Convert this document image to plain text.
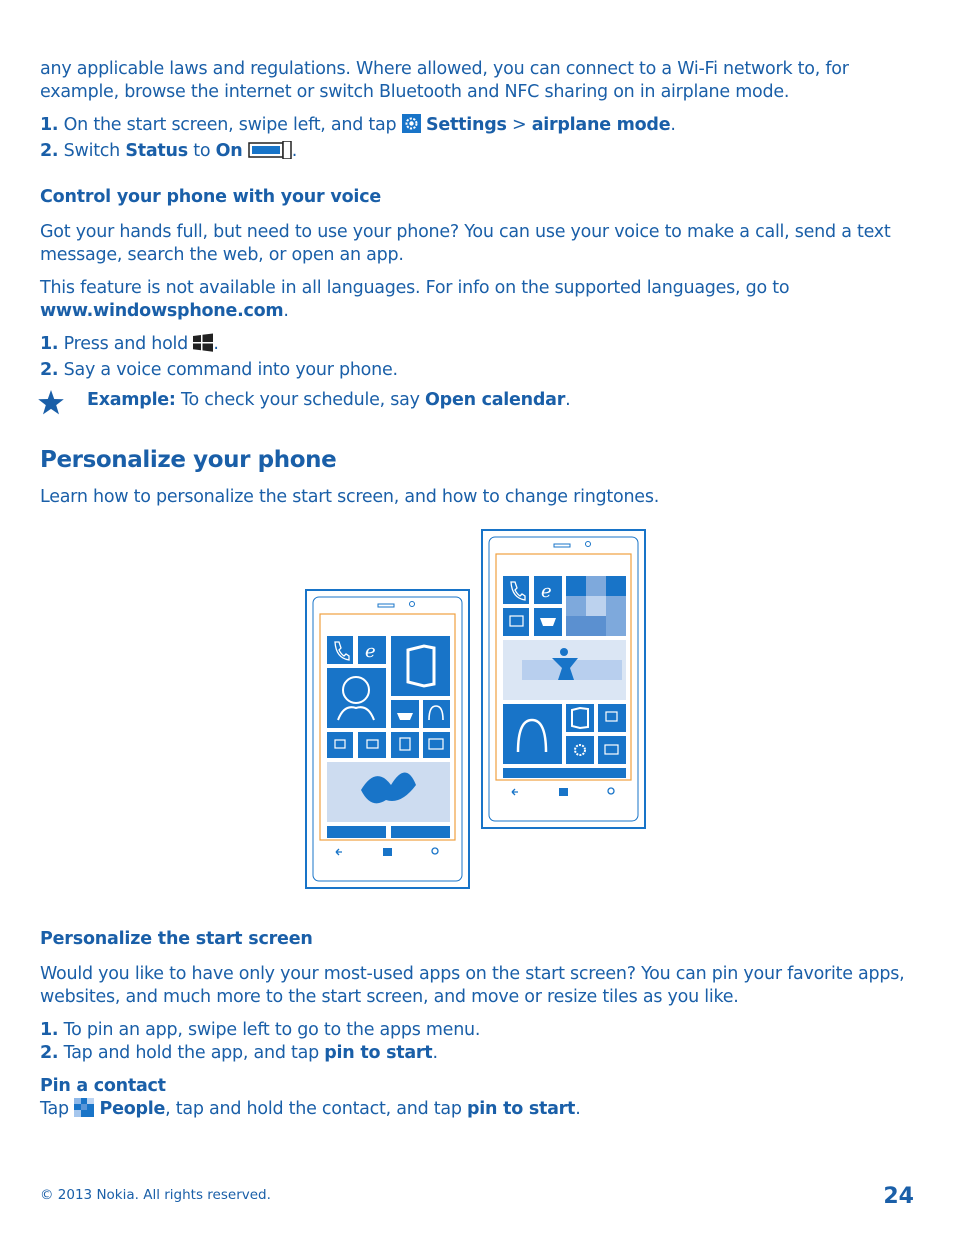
any applicable laws and regulations. Where allowed, you can connect to a Wi-Fi network to, for
example, browse the internet or switch Bluetooth and NFC sharing on in airplane mode.
1. On the start screen, swipe left, and tap Settings > airplane mode.
2. Switch Status to On	.
Control your phone with your voice
Got your hands full, but need to use your phone? You can use your voice to make a call, send a text
message, search the web, or open an app.
This feature is not available in all languages. For info on the supported languages, go to
www.windowsphone.com.
1. Press and hold .
2. Say a voice command into your phone.
Example: To check your schedule, say Open calendar.
Personalize your phone
Learn how to personalize the start screen, and how to change ringtones.
e
e
Personalize the start screen
Would you like to have only your most-used apps on the start screen? You can pin your favorite apps,
websites, and much more to the start screen, and move or resize tiles as you like.
1. To pin an app, swipe left to go to the apps menu.
2. Tap and hold the app, and tap pin to start.
Pin a contact
Tap People, tap and hold the contact, and tap pin to start.
© 2013 Nokia. All rights reserved.	24
